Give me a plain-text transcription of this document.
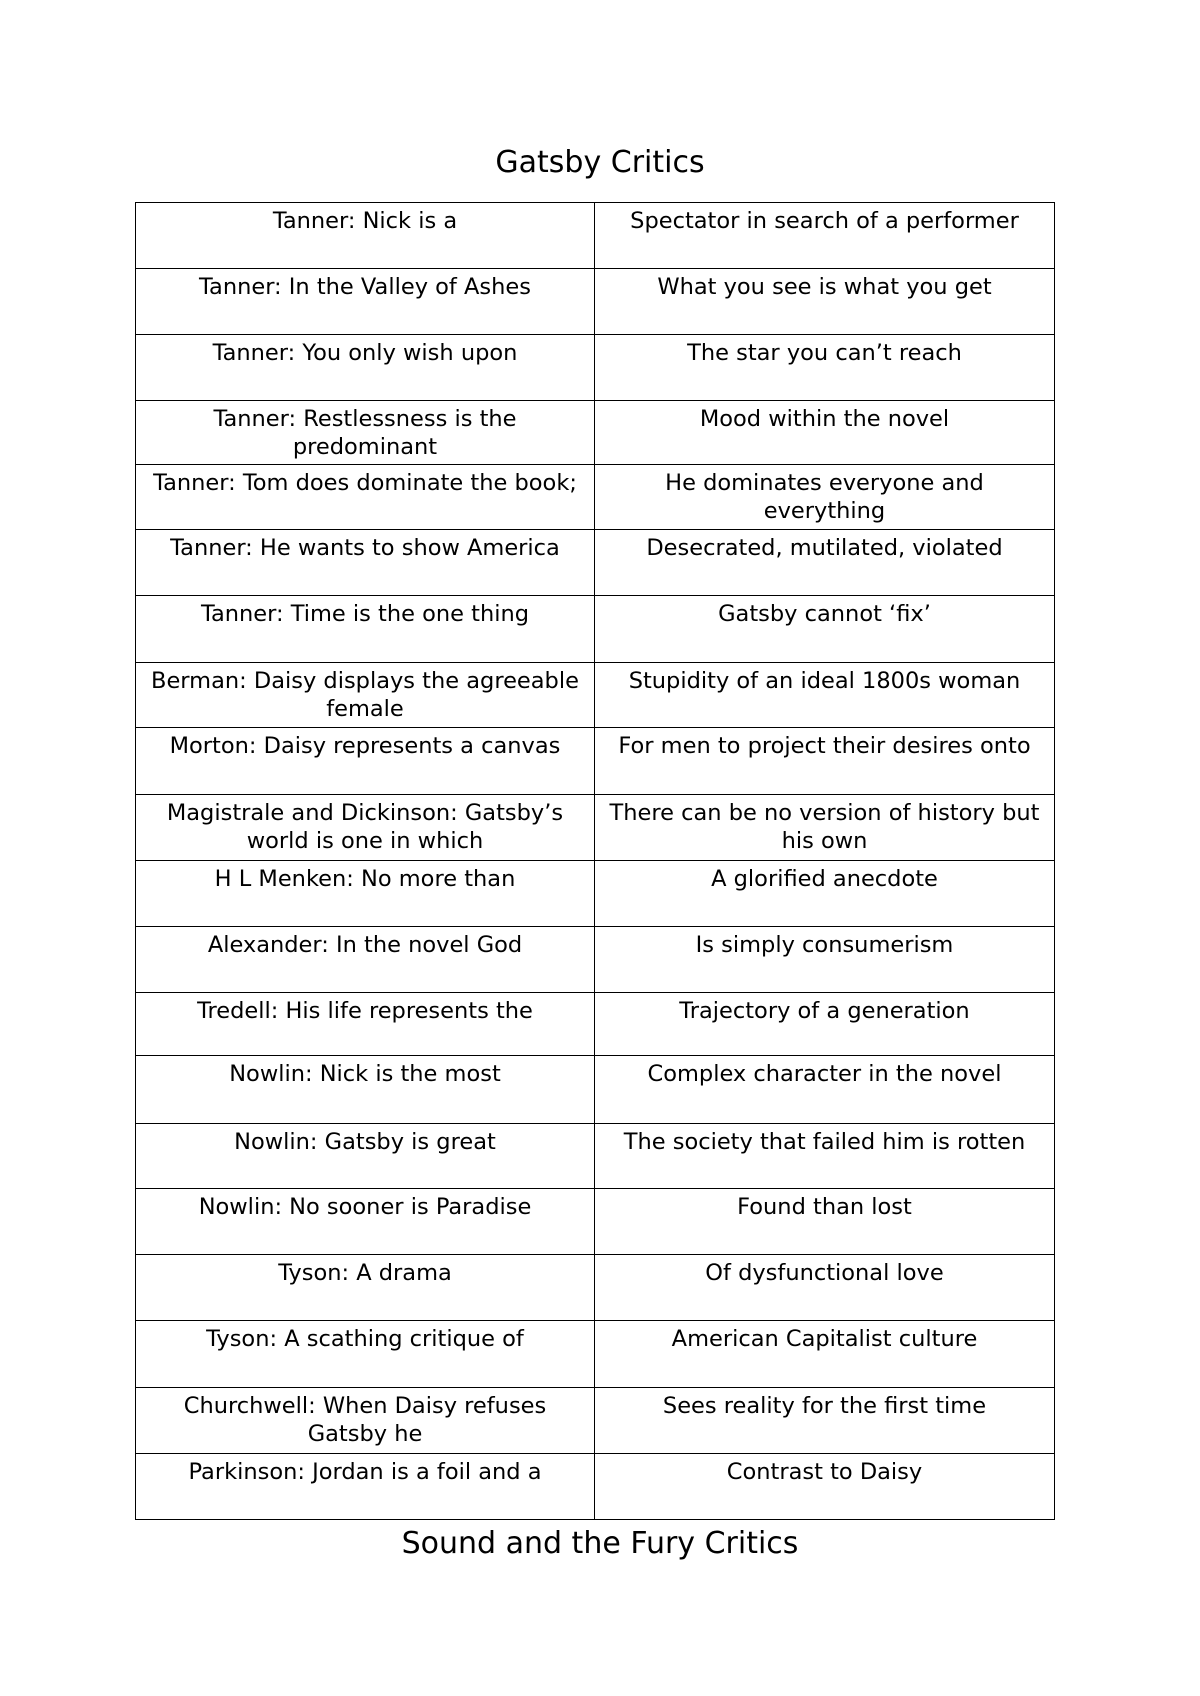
Gatsby Critics
Tanner: Nick is a	Spectator in search of a performer
Tanner: In the Valley of Ashes	What you see is what you get
Tanner: You only wish upon	The star you can’t reach
Tanner: Restlessness is the predominant	Mood within the novel
Tanner: Tom does dominate the book;	He dominates everyone and everything
Tanner: He wants to show America	Desecrated, mutilated, violated
Tanner: Time is the one thing	Gatsby cannot ‘fix’
Berman: Daisy displays the agreeable female	Stupidity of an ideal 1800s woman
Morton: Daisy represents a canvas	For men to project their desires onto
Magistrale and Dickinson: Gatsby’s world is one in which	There can be no version of history but his own
H L Menken: No more than	A glorified anecdote
Alexander: In the novel God	Is simply consumerism
Tredell: His life represents the	Trajectory of a generation
Nowlin: Nick is the most	Complex character in the novel
Nowlin: Gatsby is great	The society that failed him is rotten
Nowlin: No sooner is Paradise	Found than lost
Tyson: A drama	Of dysfunctional love
Tyson: A scathing critique of	American Capitalist culture
Churchwell: When Daisy refuses Gatsby he	Sees reality for the first time
Parkinson: Jordan is a foil and a	Contrast to Daisy
Sound and the Fury Critics
